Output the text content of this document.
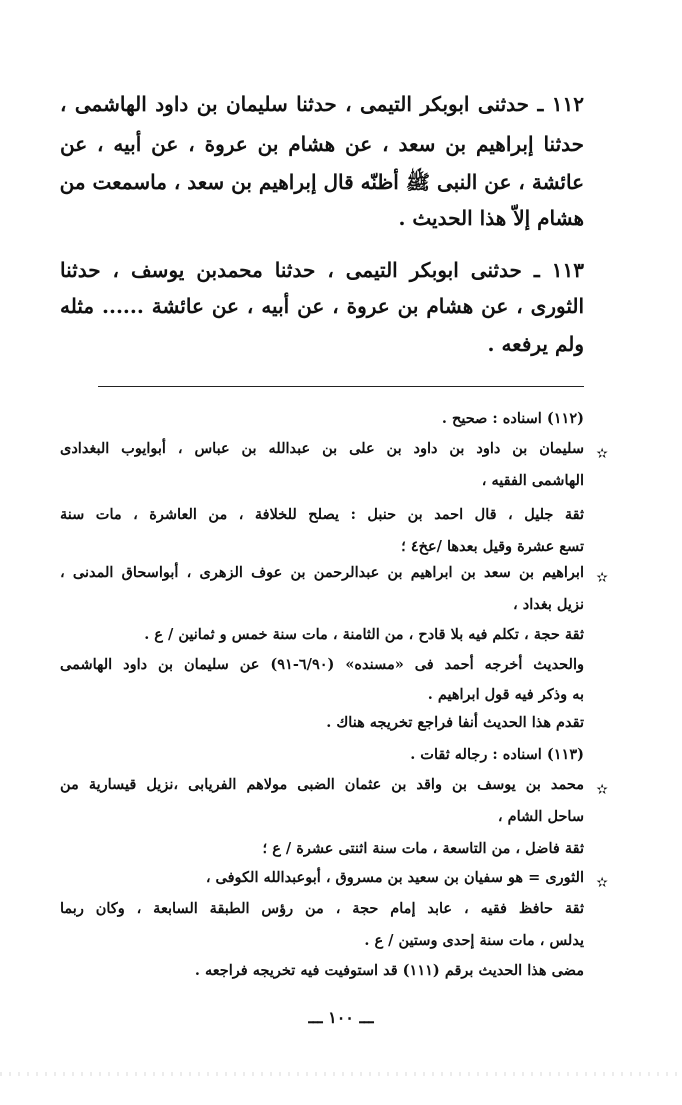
١١٢ ـ حدثنى ابوبكر التيمى ، حدثنا سليمان بن داود الهاشمى ،
حدثنا إبراهيم بن سعد ، عن هشام بن عروة ، عن أبيه ، عن
عائشة ، عن النبى ﷺ أظنّه قال إبراهيم بن سعد ، ماسمعت من
هشام إلاّ هذا الحديث .
١١٣ ـ حدثنى ابوبكر التيمى ، حدثنا محمدبن يوسف ، حدثنا
الثورى ، عن هشام بن عروة ، عن أبيه ، عن عائشة ...... مثله
ولم يرفعه .
(١١٢) اسناده : صحيح .
✫
سليمان بن داود بن داود بن على بن عبدالله بن عباس ، أبوايوب البغدادى
الهاشمى الفقيه ،
ثقة جليل ، قال احمد بن حنبل : يصلح للخلافة ، من العاشرة ، مات سنة
تسع عشرة وقيل بعدها /عخ٤ ؛
✫
ابراهيم بن سعد بن ابراهيم بن عبدالرحمن بن عوف الزهرى ، أبواسحاق المدنى ،
نزيل بغداد ،
ثقة حجة ، تكلم فيه بلا قادح ، من الثامنة ، مات سنة خمس و ثمانين / ع .
والحديث أخرجه أحمد فى «مسنده» (٦/٩٠-٩١) عن سليمان بن داود الهاشمى
به وذكر فيه قول ابراهيم .
تقدم هذا الحديث أنفا فراجع تخريجه هناك .
(١١٣) اسناده : رجاله ثقات .
✫
محمد بن يوسف بن واقد بن عثمان الضبى مولاهم الفريابى ،نزيل قيسارية من
ساحل الشام ،
ثقة فاضل ، من التاسعة ، مات سنة اثنتى عشرة / ع ؛
✫
الثورى = هو سفيان بن سعيد بن مسروق ، أبوعبدالله الكوفى ،
ثقة حافظ فقيه ، عابد إمام حجة ، من رؤس الطبقة السابعة ، وكان ربما
يدلس ، مات سنة إحدى وستين / ع .
مضى هذا الحديث برقم (١١١) قد استوفيت فيه تخريجه فراجعه .
ـــ ١٠٠ ـــ
